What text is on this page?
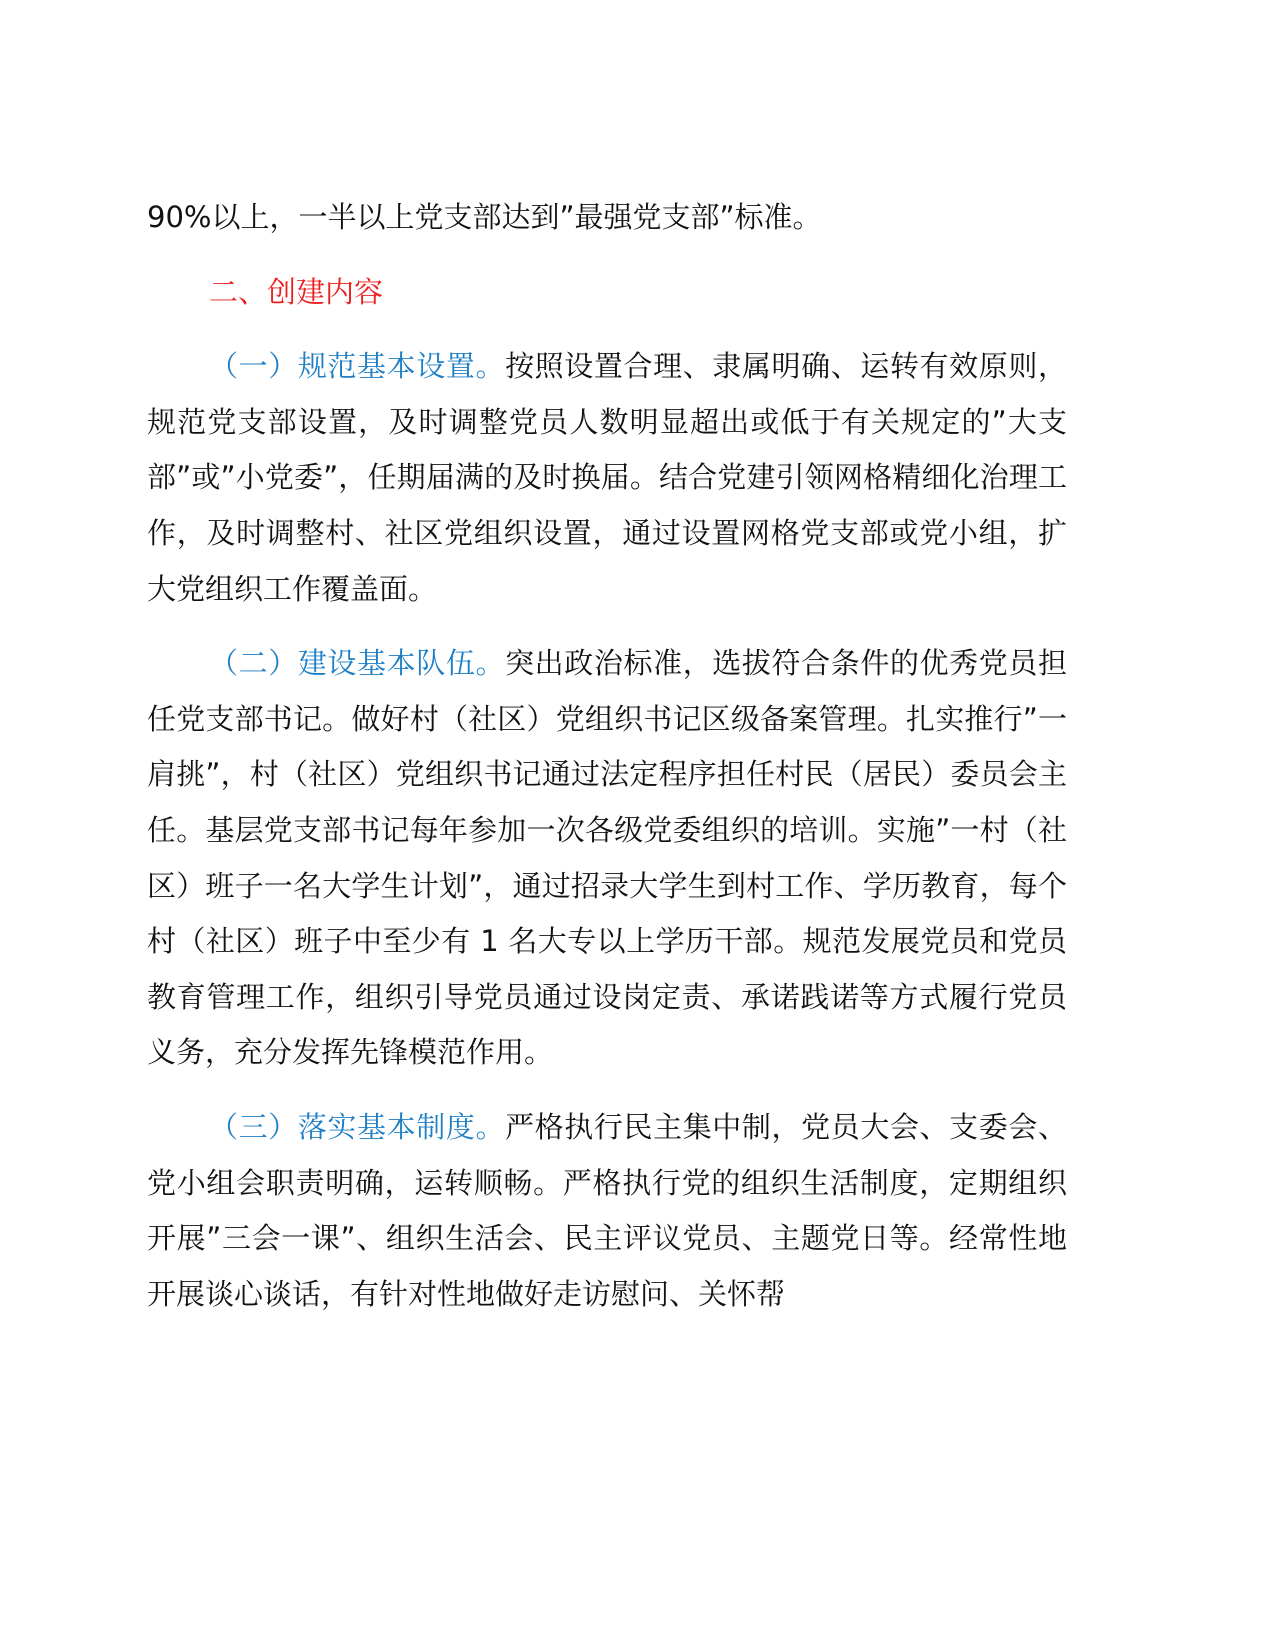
90%以上，一半以上党支部达到”最强党支部”标准。

二、创建内容

（一）规范基本设置。按照设置合理、隶属明确、运转有效原则，规范党支部设置，及时调整党员人数明显超出或低于有关规定的”大支部”或”小党委”，任期届满的及时换届。结合党建引领网格精细化治理工作，及时调整村、社区党组织设置，通过设置网格党支部或党小组，扩大党组织工作覆盖面。

（二）建设基本队伍。突出政治标准，选拔符合条件的优秀党员担任党支部书记。做好村（社区）党组织书记区级备案管理。扎实推行”一肩挑”，村（社区）党组织书记通过法定程序担任村民（居民）委员会主任。基层党支部书记每年参加一次各级党委组织的培训。实施”一村（社区）班子一名大学生计划”，通过招录大学生到村工作、学历教育，每个村（社区）班子中至少有 1 名大专以上学历干部。规范发展党员和党员教育管理工作，组织引导党员通过设岗定责、承诺践诺等方式履行党员义务，充分发挥先锋模范作用。

（三）落实基本制度。严格执行民主集中制，党员大会、支委会、党小组会职责明确，运转顺畅。严格执行党的组织生活制度，定期组织开展”三会一课”、组织生活会、民主评议党员、主题党日等。经常性地开展谈心谈话，有针对性地做好走访慰问、关怀帮
